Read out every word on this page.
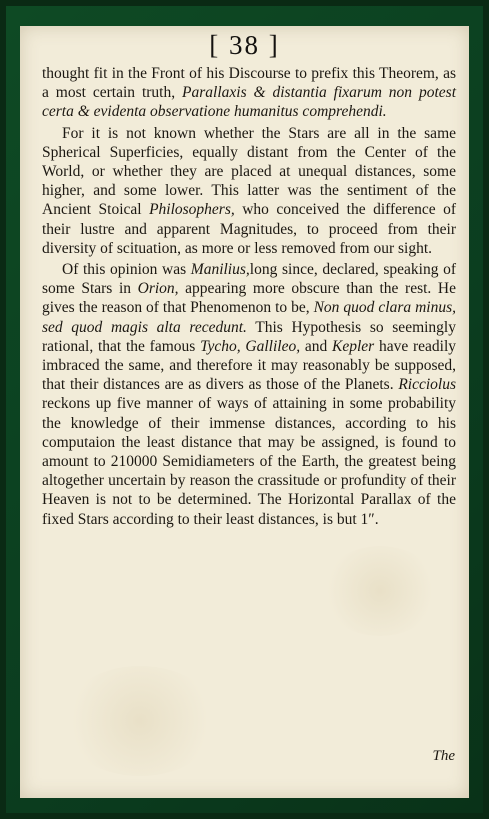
[ 38 ]

thought fit in the Front of his Discourse to prefix this Theorem, as a most certain truth, Parallaxis & distantia fixarum non potest certa & evidenta observatione humanitus comprehendi.

For it is not known whether the Stars are all in the same Spherical Superficies, equally distant from the Center of the World, or whether they are placed at unequal distances, some higher, and some lower. This latter was the sentiment of the Ancient Stoical Philosophers, who conceived the difference of their lustre and apparent Magnitudes, to proceed from their diversity of scituation, as more or less removed from our sight.

Of this opinion was Manilius,long since, declared, speaking of some Stars in Orion, appearing more obscure than the rest. He gives the reason of that Phenomenon to be, Non quod clara minus, sed quod magis alta recedunt. This Hypothesis so seemingly rational, that the famous Tycho, Gallileo, and Kepler have readily imbraced the same, and therefore it may reasonably be supposed, that their distances are as divers as those of the Planets. Ricciolus reckons up five manner of ways of attaining in some probability the knowledge of their immense distances, according to his computaion the least distance that may be assigned, is found to amount to 210000 Semidiameters of the Earth, the greatest being altogether uncertain by reason the crassitude or profundity of their Heaven is not to be determined. The Horizontal Parallax of the fixed Stars according to their least distances, is but 1″.

The
